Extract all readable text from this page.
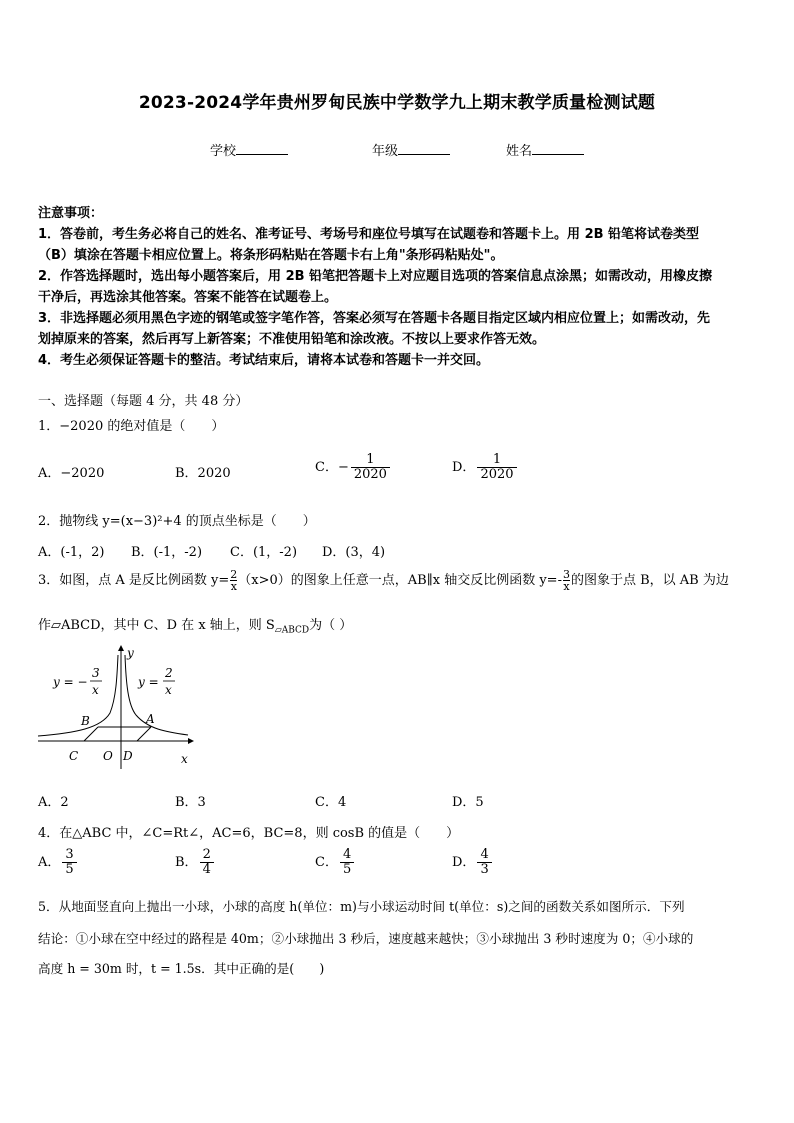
2023-2024学年贵州罗甸民族中学数学九上期末教学质量检测试题
学校	年级	姓名

注意事项：

1．答卷前，考生务必将自己的姓名、准考证号、考场号和座位号填写在试题卷和答题卡上。用 2B 铅笔将试卷类型

（B）填涂在答题卡相应位置上。将条形码粘贴在答题卡右上角"条形码粘贴处"。

2．作答选择题时，选出每小题答案后，用 2B 铅笔把答题卡上对应题目选项的答案信息点涂黑；如需改动，用橡皮擦

干净后，再选涂其他答案。答案不能答在试题卷上。

3．非选择题必须用黑色字迹的钢笔或签字笔作答，答案必须写在答题卡各题目指定区域内相应位置上；如需改动，先

划掉原来的答案，然后再写上新答案；不准使用铅笔和涂改液。不按以上要求作答无效。

4．考生必须保证答题卡的整洁。考试结束后，请将本试卷和答题卡一并交回。

一、选择题（每题 4 分，共 48 分）
1．−2020 的绝对值是（　　）
A．−2020	B．2020	C．− $\frac{1}{2020}$	D． $\frac{1}{2020}$
2．抛物线 y=(x−3)²+4 的顶点坐标是（　　）
A．(-1，2) B．(-1，-2) C．(1，-2) D．(3，4)
3．如图，点 A 是反比例函数 $y= \frac{2}{x} (x>0)$的图象上任意一点，AB∥x 轴交反比例函数 $y=- \frac{3}{x}$ 的图象于点 B，以 AB 为边
作▱ABCD，其中 C、D 在 x 轴上，则 $S_{▱ABCD}$为（ ）
y
x
A
B
C O D
y = −
3
x
y =
2
x
A．2	B．3	C．4	D．5
4．在△ABC 中，∠C=Rt∠，AC=6，BC=8，则 cosB 的值是（　　）
A． $\frac{3}{5}$	B． $\frac{2}{4}$	C． $\frac{4}{5}$	D． $\frac{4}{3}$
5．从地面竖直向上抛出一小球，小球的高度 h(单位：m)与小球运动时间 t(单位：s)之间的函数关系如图所示．下列
结论：①小球在空中经过的路程是 40m；②小球抛出 3 秒后，速度越来越快；③小球抛出 3 秒时速度为 0；④小球的
高度 h = 30m 时，t = 1.5s．其中正确的是(　　)
